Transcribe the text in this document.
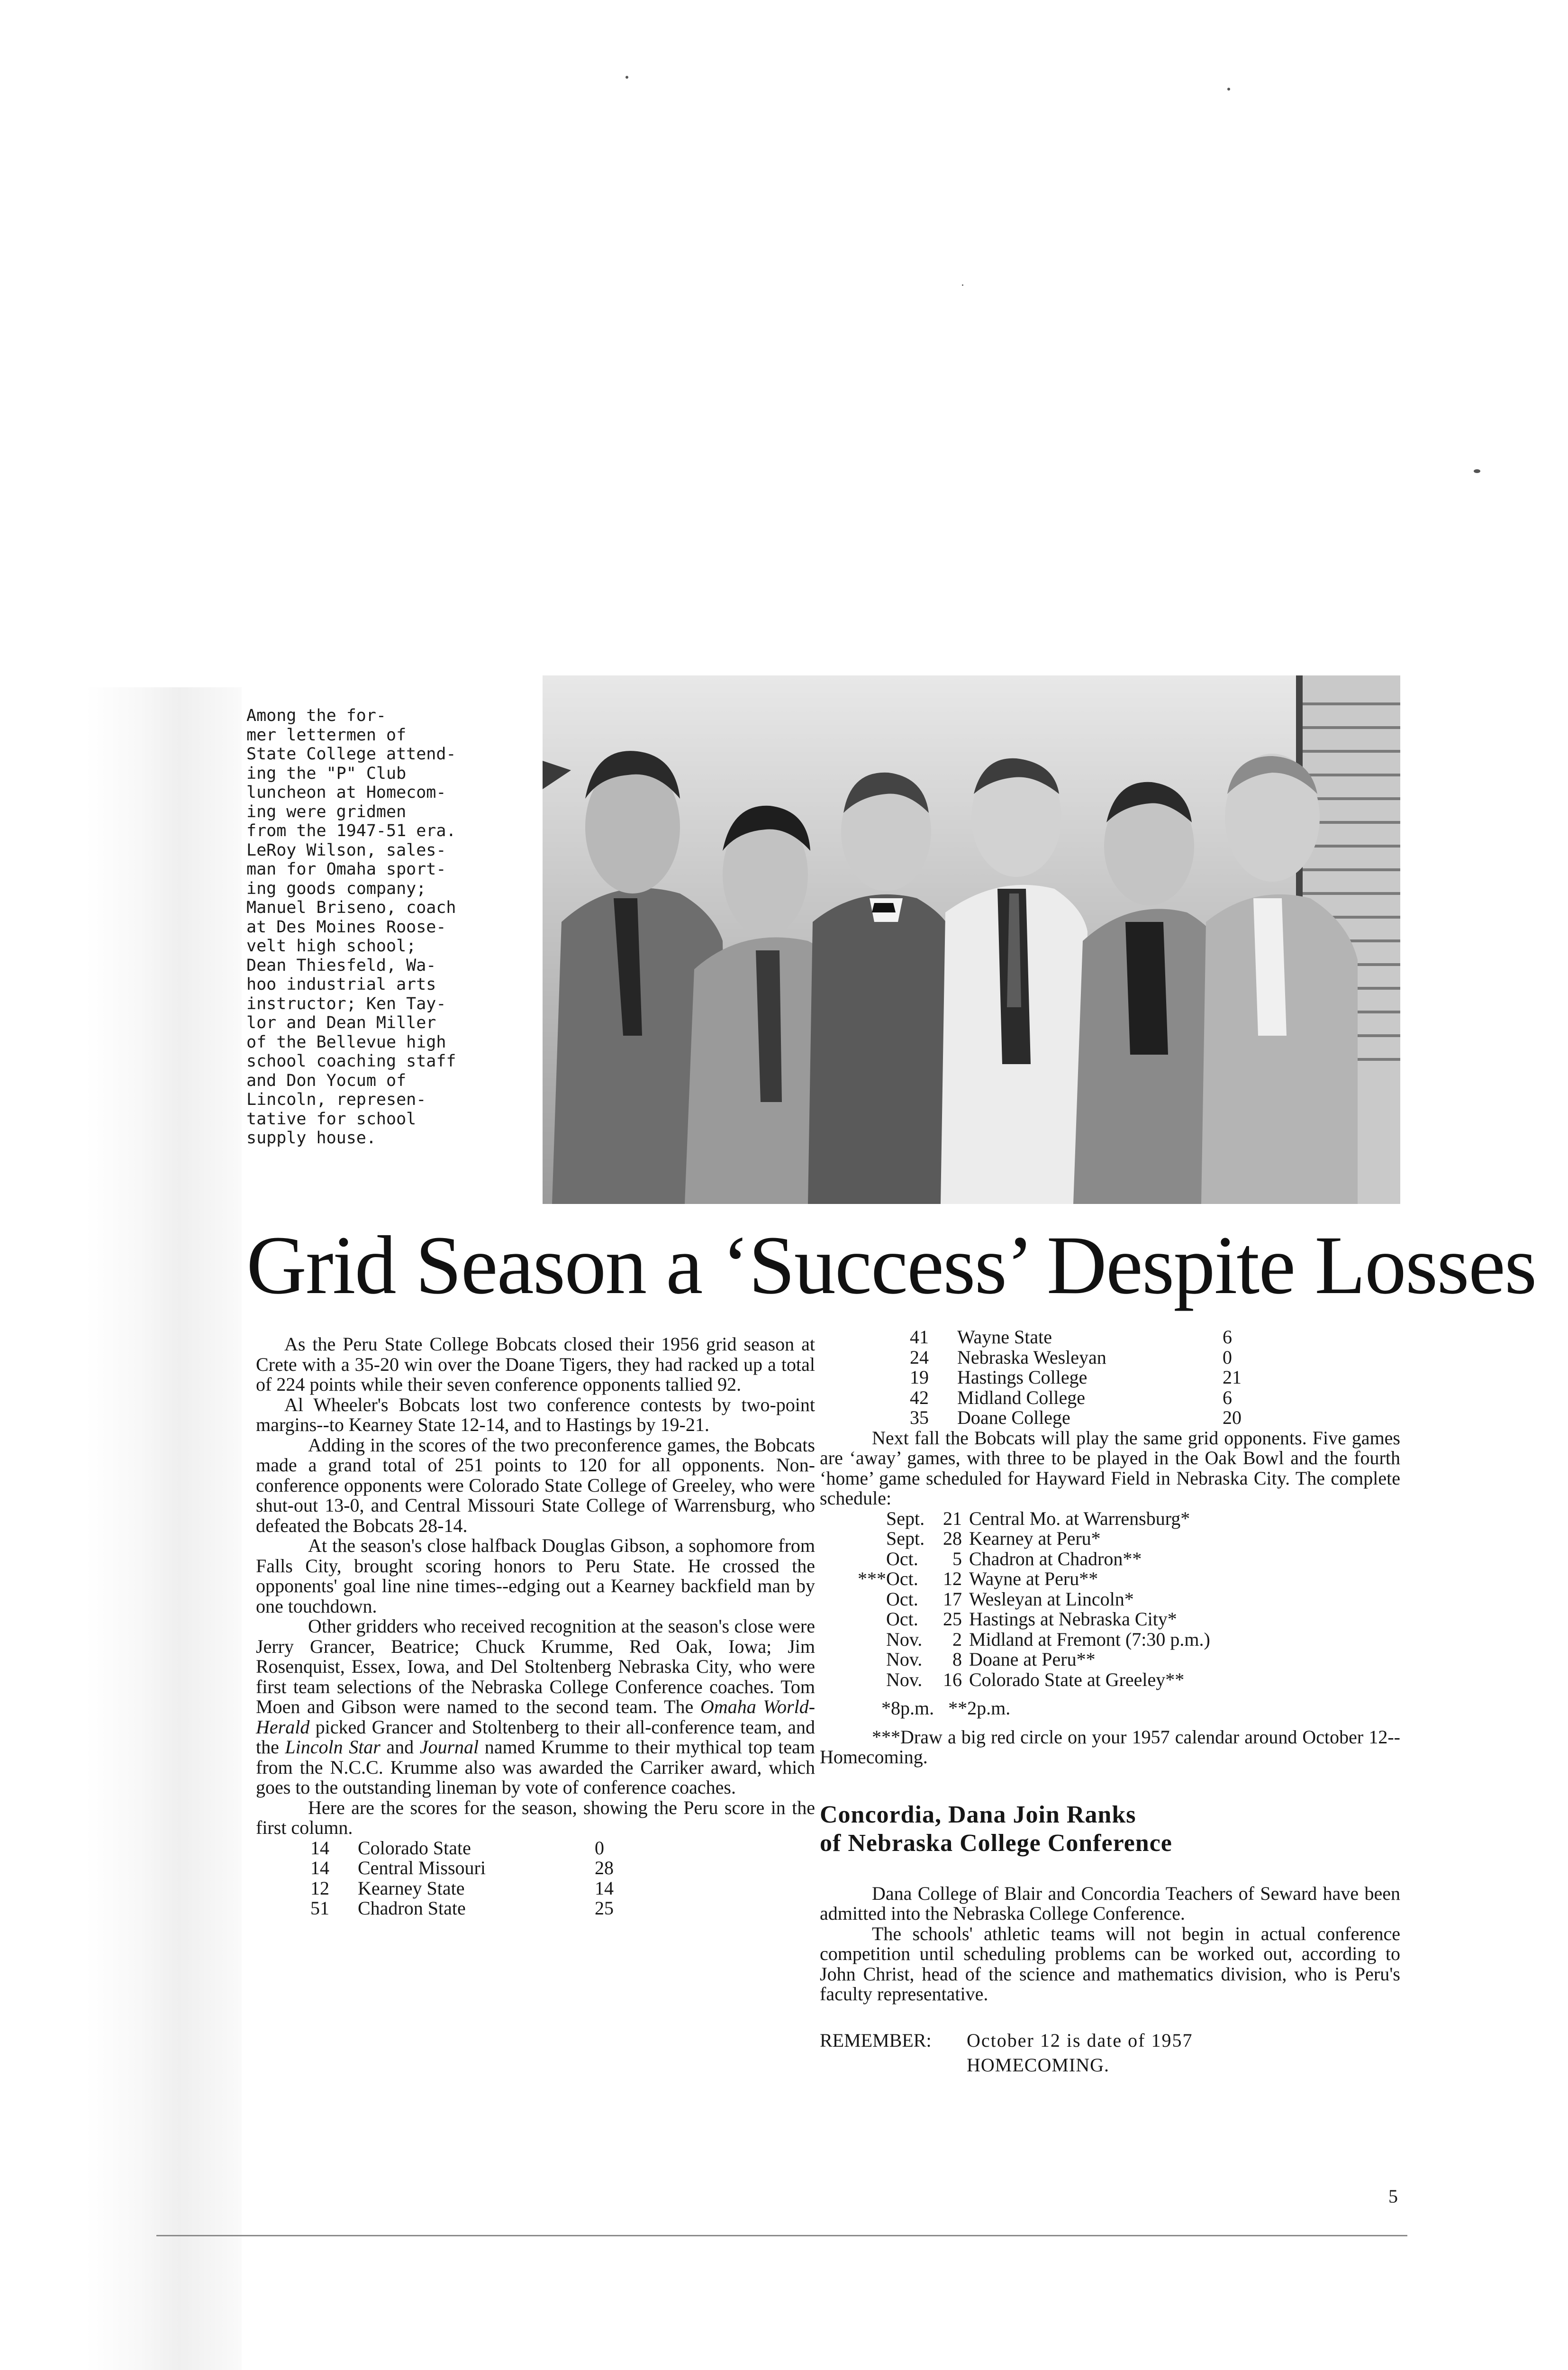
Among the for-
mer lettermen of
State College attend-
ing the "P" Club
luncheon at Homecom-
ing were gridmen
from the 1947-51 era.
LeRoy Wilson, sales-
man for Omaha sport-
ing goods company;
Manuel Briseno, coach
at Des Moines Roose-
velt high school;
Dean Thiesfeld, Wa-
hoo industrial arts
instructor; Ken Tay-
lor and Dean Miller
of the Bellevue high
school coaching staff
and Don Yocum of
Lincoln, represen-
tative for school
supply house.
Grid Season a ‘Success’ Despite Losses

As the Peru State College Bobcats closed their 1956 grid season at Crete with a 35-20 win over the Doane Tigers, they had racked up a total of 224 points while their seven conference opponents tallied 92.

Al Wheeler's Bobcats lost two conference contests by two-point margins--to Kearney State 12-14, and to Hastings by 19-21.

Adding in the scores of the two preconference games, the Bobcats made a grand total of 251 points to 120 for all opponents. Non-conference opponents were Colorado State College of Greeley, who were shut-out 13-0, and Central Missouri State College of Warrensburg, who defeated the Bobcats 28-14.

At the season's close halfback Douglas Gibson, a sophomore from Falls City, brought scoring honors to Peru State. He crossed the opponents' goal line nine times--edging out a Kearney backfield man by one touchdown.

Other gridders who received recognition at the season's close were Jerry Grancer, Beatrice; Chuck Krumme, Red Oak, Iowa; Jim Rosenquist, Essex, Iowa, and Del Stoltenberg Nebraska City, who were first team selections of the Nebraska College Conference coaches. Tom Moen and Gibson were named to the second team. The Omaha World-Herald picked Grancer and Stoltenberg to their all-conference team, and the Lincoln Star and Journal named Krumme to their mythical top team from the N.C.C. Krumme also was awarded the Carriker award, which goes to the outstanding lineman by vote of conference coaches.

Here are the scores for the season, showing the Peru score in the first column.

14	Colorado State	0
14	Central Missouri	28
12	Kearney State	14
51	Chadron State	25
41	Wayne State	6
24	Nebraska Wesleyan	0
19	Hastings College	21
42	Midland College	6
35	Doane College	20

Next fall the Bobcats will play the same grid opponents. Five games are ‘away’ games, with three to be played in the Oak Bowl and the fourth ‘home’ game scheduled for Hayward Field in Nebraska City. The complete schedule:

	Sept.	21	Central Mo. at Warrensburg*
	Sept.	28	Kearney at Peru*
	Oct.	5	Chadron at Chadron**
***	Oct.	12	Wayne at Peru**
	Oct.	17	Wesleyan at Lincoln*
	Oct.	25	Hastings at Nebraska City*
	Nov.	2	Midland at Fremont (7:30 p.m.)
	Nov.	8	Doane at Peru**
	Nov.	16	Colorado State at Greeley**

*8p.m.   **2p.m.

***Draw a big red circle on your 1957 calendar around October 12--Homecoming.

Concordia, Dana Join Ranks

of Nebraska College Conference

Dana College of Blair and Concordia Teachers of Seward have been admitted into the Nebraska College Conference.

The schools' athletic teams will not begin in actual conference competition until scheduling problems can be worked out, according to John Christ, head of the science and mathematics division, who is Peru's faculty representative.

REMEMBER: October 12 is date of 1957
HOMECOMING.
5
